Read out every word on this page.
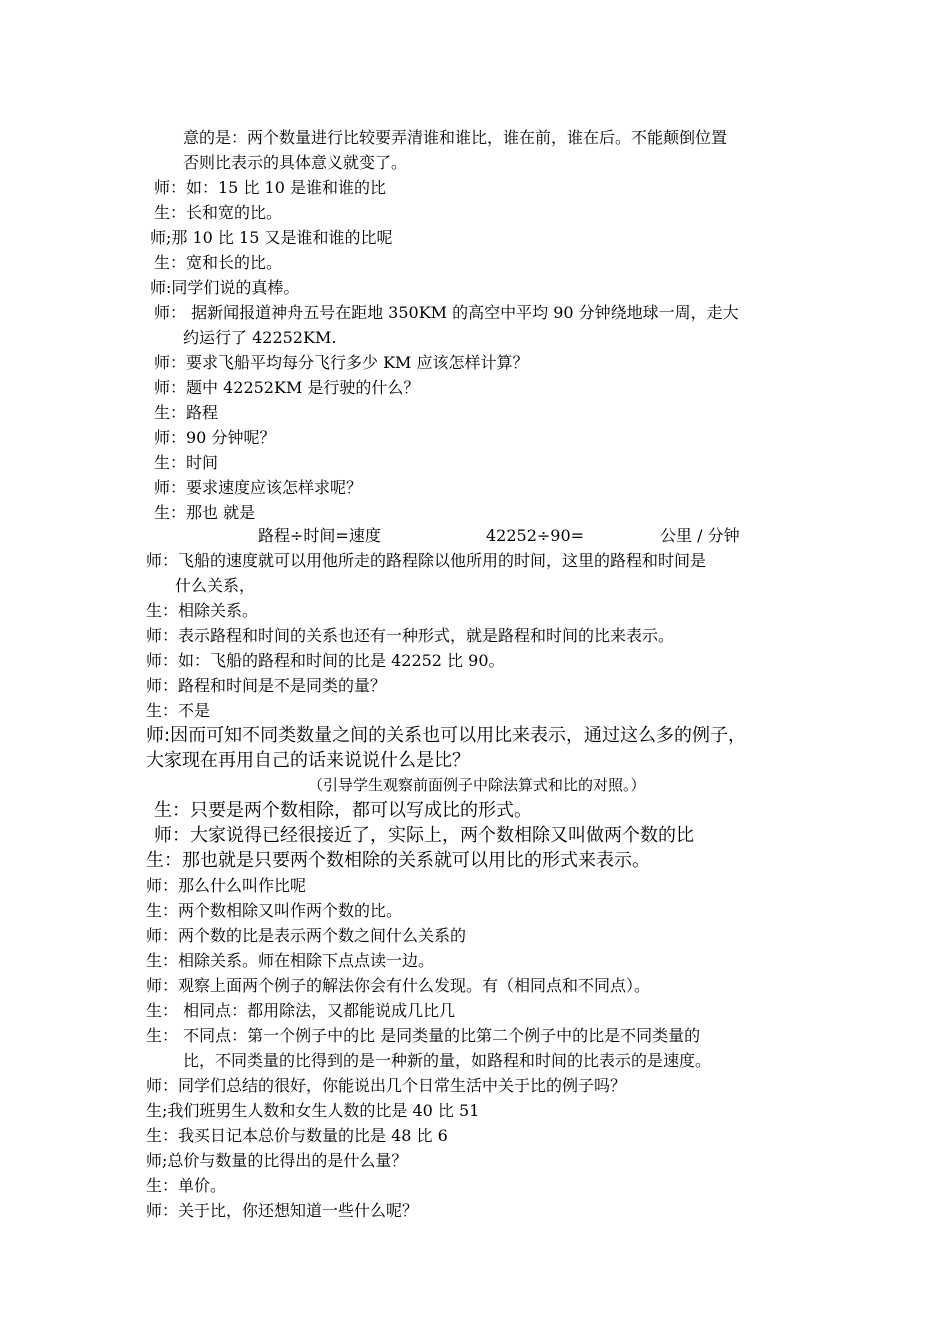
意的是：两个数量进行比较要弄清谁和谁比，谁在前，谁在后。不能颠倒位置
否则比表示的具体意义就变了。
师：如：15 比 10 是谁和谁的比
生：长和宽的比。
师;那 10 比 15 又是谁和谁的比呢
生：宽和长的比。
师:同学们说的真棒。
师： 据新闻报道神舟五号在距地 350KM 的高空中平均 90 分钟绕地球一周，走大
约运行了 42252KM.
师：要求飞船平均每分飞行多少 KM 应该怎样计算？
师：题中 42252KM 是行驶的什么？
生：路程
师：90 分钟呢？
生：时间
师：要求速度应该怎样求呢？
生：那也 就是
路程÷时间=速度	42252÷90=	公里 / 分钟
师：飞船的速度就可以用他所走的路程除以他所用的时间，这里的路程和时间是
什么关系，
生：相除关系。
师：表示路程和时间的关系也还有一种形式，就是路程和时间的比来表示。
师：如：飞船的路程和时间的比是 42252 比 90。
师：路程和时间是不是同类的量？
生：不是
师:因而可知不同类数量之间的关系也可以用比来表示，通过这么多的例子，
大家现在再用自己的话来说说什么是比？
（引导学生观察前面例子中除法算式和比的对照。）
生：只要是两个数相除，都可以写成比的形式。
师：大家说得已经很接近了，实际上，两个数相除又叫做两个数的比
生：那也就是只要两个数相除的关系就可以用比的形式来表示。
师：那么什么叫作比呢
生：两个数相除又叫作两个数的比。
师：两个数的比是表示两个数之间什么关系的
生：相除关系。师在相除下点点读一边。
师：观察上面两个例子的解法你会有什么发现。有（相同点和不同点）。
生： 相同点：都用除法，又都能说成几比几
生： 不同点：第一个例子中的比 是同类量的比第二个例子中的比是不同类量的
比，不同类量的比得到的是一种新的量，如路程和时间的比表示的是速度。
师：同学们总结的很好，你能说出几个日常生活中关于比的例子吗？
生;我们班男生人数和女生人数的比是 40 比 51
生：我买日记本总价与数量的比是 48 比 6
师;总价与数量的比得出的是什么量？
生：单价。
师：关于比，你还想知道一些什么呢？
